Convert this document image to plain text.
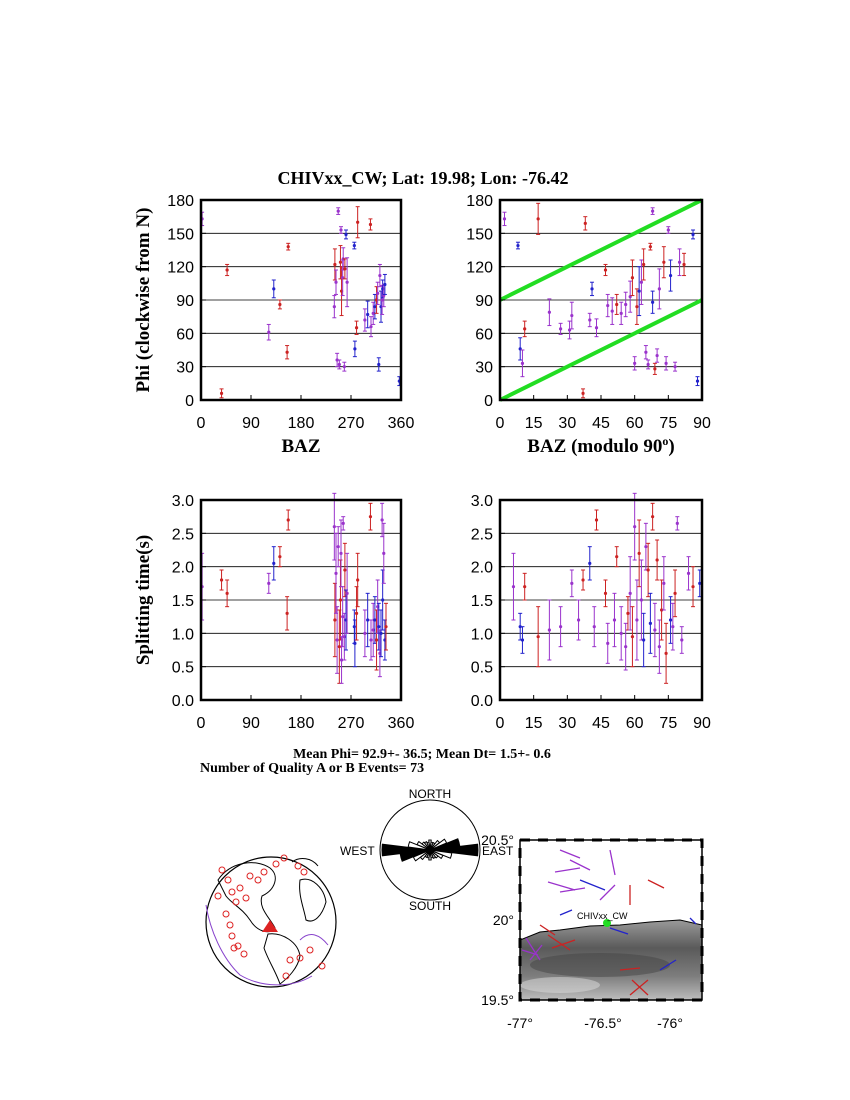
CHIVxx_CW; Lat: 19.98; Lon: -76.42
0 90 180 270 360
0
30
60
90
120
150
180
BAZ
Phi (clockwise from N)
0 15 30 45 60 75 90
0
30
60
90
120
150
180
BAZ (modulo 90$^o$)
0 90 180 270 360
0.0
0.5
1.0
1.5
2.0
2.5
3.0
Splitting time(s)
0 15 30 45 60 75 90
0.0
0.5
1.0
1.5
2.0
2.5
3.0
Mean Phi= 92.9+- 36.5; Mean Dt= 1.5+- 0.6
Number of Quality A or B Events= 73
NORTH
SOUTH
WEST	EAST
CHIVxx_CW
20.5°
20°
19.5°
-77°	-76.5°	-76°
